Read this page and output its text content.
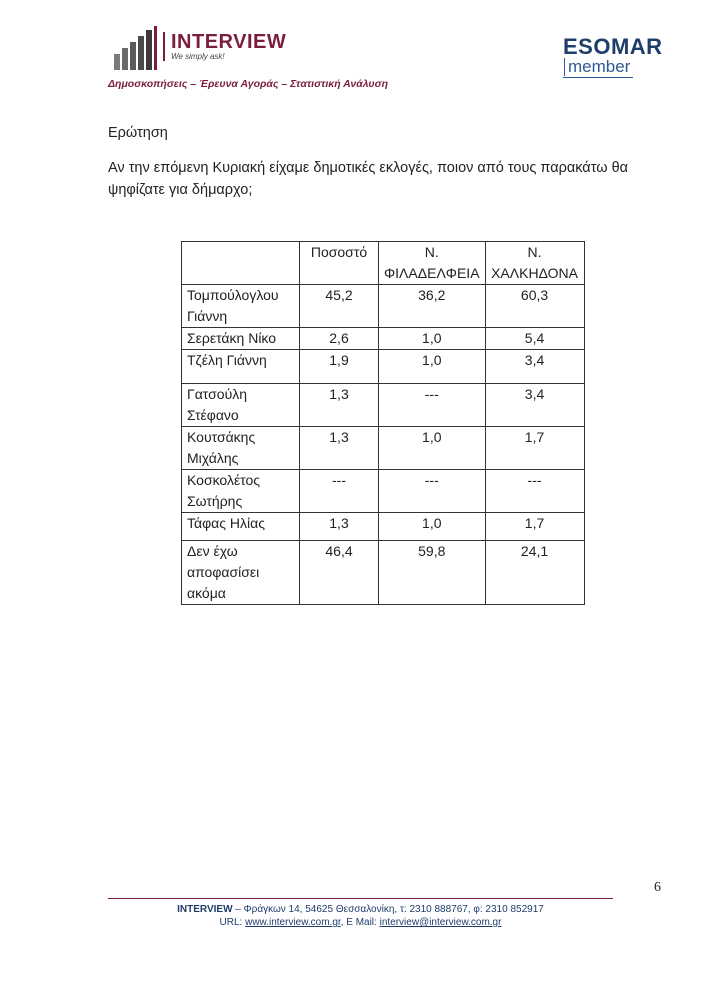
INTERVIEW
We simply ask!
Δημοσκοπήσεις – Έρευνα Αγοράς – Στατιστική Ανάλυση
ESOMAR
member
Ερώτηση
Αν την επόμενη Κυριακή είχαμε δημοτικές εκλογές, ποιον από τους παρακάτω θα ψηφίζατε για δήμαρχο;
	Ποσοστό	Ν. ΦΙΛΑΔΕΛΦΕΙΑ	Ν. ΧΑΛΚΗΔΟΝΑ
Τομπούλογλου Γιάννη	45,2	36,2	60,3
Σερετάκη Νίκο	2,6	1,0	5,4
Τζέλη Γιάννη	1,9	1,0	3,4
Γατσούλη Στέφανο	1,3	---	3,4
Κουτσάκης Μιχάλης	1,3	1,0	1,7
Κοσκολέτος Σωτήρης	---	---	---
Τάφας Ηλίας	1,3	1,0	1,7
Δεν έχω αποφασίσει ακόμα	46,4	59,8	24,1
6
INTERVIEW – Φράγκων 14, 54625 Θεσσαλονίκη, τ: 2310 888767, φ: 2310 852917
URL: www.interview.com.gr, E Mail: interview@interview.com.gr
